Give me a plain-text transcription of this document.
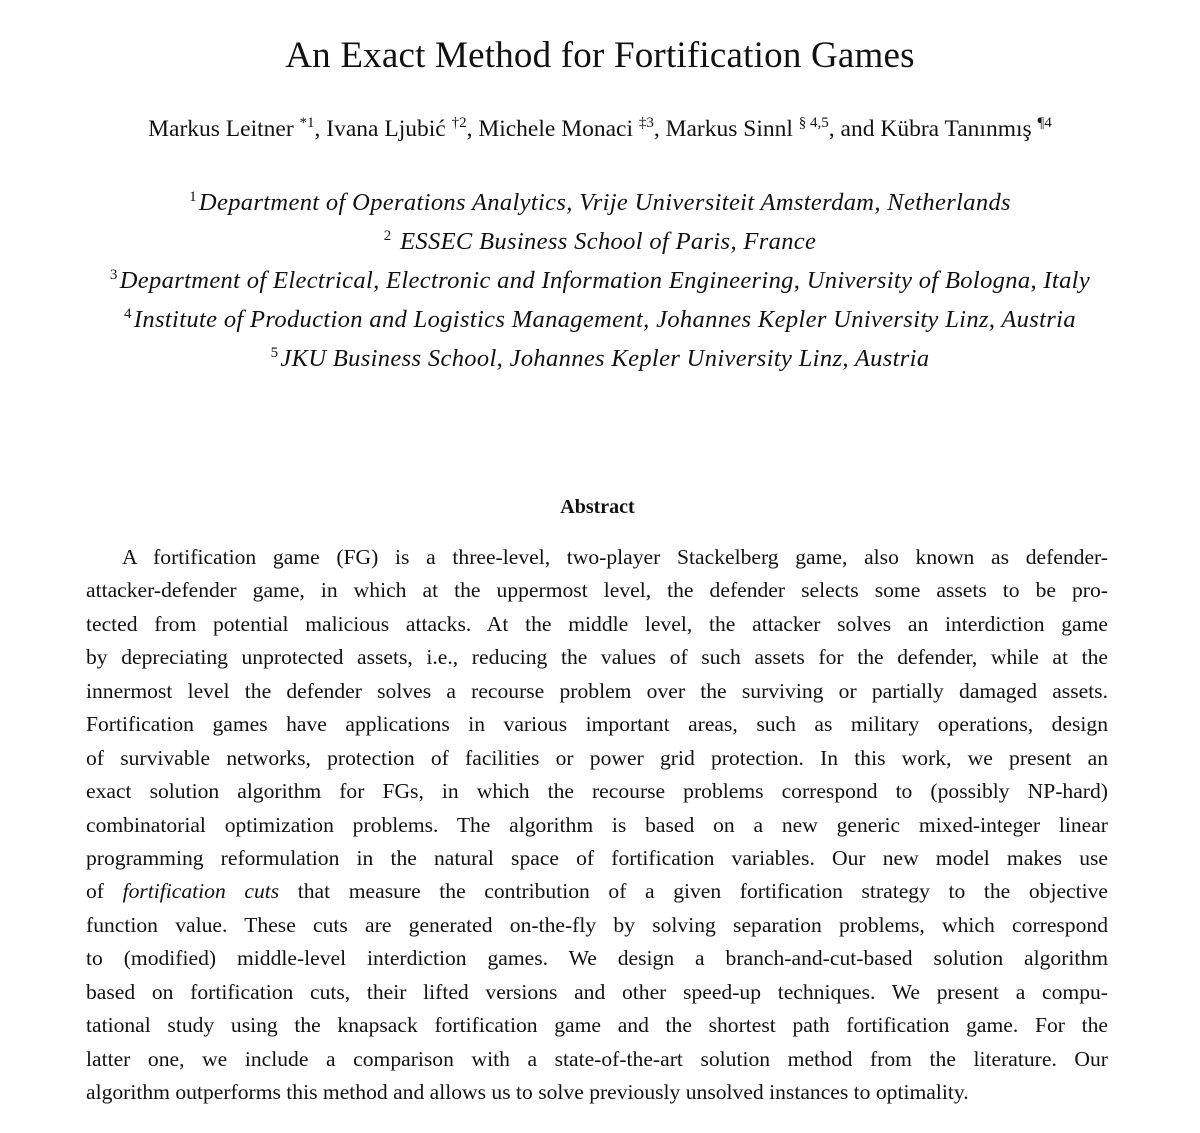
An Exact Method for Fortification Games
Markus Leitner $^{*1}$, Ivana Ljubić $^{\dagger 2}$, Michele Monaci $^{\ddagger 3}$, Markus Sinnl $^{\S 4,5}$, and Kübra Tanınmış $^{\P 4}$
$^1$Department of Operations Analytics, Vrije Universiteit Amsterdam, Netherlands
$^2$ ESSEC Business School of Paris, France
$^3$Department of Electrical, Electronic and Information Engineering, University of Bologna, Italy
$^4$Institute of Production and Logistics Management, Johannes Kepler University Linz, Austria
$^5$JKU Business School, Johannes Kepler University Linz, Austria
Abstract
A fortification game (FG) is a three-level, two-player Stackelberg game, also known as defender-
attacker-defender game, in which at the uppermost level, the defender selects some assets to be pro-
tected from potential malicious attacks. At the middle level, the attacker solves an interdiction game
by depreciating unprotected assets, i.e., reducing the values of such assets for the defender, while at the
innermost level the defender solves a recourse problem over the surviving or partially damaged assets.
Fortification games have applications in various important areas, such as military operations, design
of survivable networks, protection of facilities or power grid protection. In this work, we present an
exact solution algorithm for FGs, in which the recourse problems correspond to (possibly NP-hard)
combinatorial optimization problems. The algorithm is based on a new generic mixed-integer linear
programming reformulation in the natural space of fortification variables. Our new model makes use
of fortification cuts that measure the contribution of a given fortification strategy to the objective
function value. These cuts are generated on-the-fly by solving separation problems, which correspond
to (modified) middle-level interdiction games. We design a branch-and-cut-based solution algorithm
based on fortification cuts, their lifted versions and other speed-up techniques. We present a compu-
tational study using the knapsack fortification game and the shortest path fortification game. For the
latter one, we include a comparison with a state-of-the-art solution method from the literature. Our
algorithm outperforms this method and allows us to solve previously unsolved instances to optimality.
